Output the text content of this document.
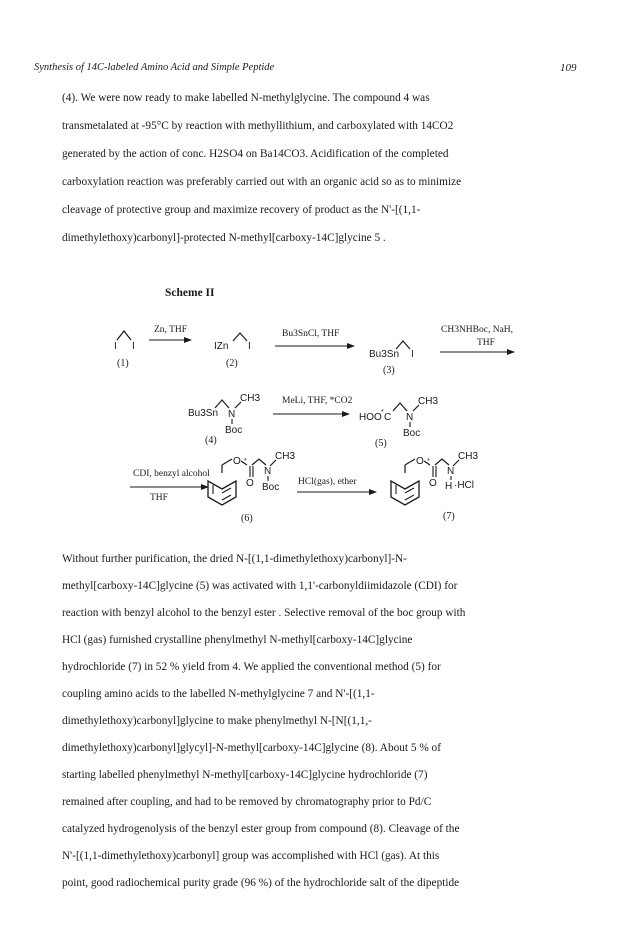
Synthesis of 14C-labeled Amino Acid and Simple Peptide	109
(4). We were now ready to make labelled N-methylglycine. The compound 4 was
transmetalated at -95°C by reaction with methyllithium, and carboxylated with 14CO2
generated by the action of conc. H2SO4 on Ba14CO3. Acidification of the completed
carboxylation reaction was preferably carried out with an organic acid so as to minimize
cleavage of protective group and maximize recovery of product as the N'-[(1,1-
dimethylethoxy)carbonyl]-protected N-methyl[carboxy-14C]glycine 5 .
Scheme II
I I
(1)
Zn, THF
IZn I
(2)
Bu3SnCl, THF
Bu3Sn I
(3)
CH3NHBoc, NaH,
THF
Bu3Sn N
CH3
Boc
(4)
MeLi, THF, *CO2
HOO * C N
CH3
Boc
(5)
CDI, benzyl alcohol
THF
O *
O
N
CH3
Boc
(6)
HCl(gas), ether
O *
O
N
CH3
H ·HCl
(7)
Without further purification, the dried N-[(1,1-dimethylethoxy)carbonyl]-N-
methyl[carboxy-14C]glycine (5) was activated with 1,1'-carbonyldiimidazole (CDI) for
reaction with benzyl alcohol to the benzyl ester . Selective removal of the boc group with
HCl (gas) furnished crystalline phenylmethyl N-methyl[carboxy-14C]glycine
hydrochloride (7) in 52 % yield from 4. We applied the conventional method (5) for
coupling amino acids to the labelled N-methylglycine 7 and N'-[(1,1-
dimethylethoxy)carbonyl]glycine to make phenylmethyl N-[N[(1,1,-
dimethylethoxy)carbonyl]glycyl]-N-methyl[carboxy-14C]glycine (8). About 5 % of
starting labelled phenylmethyl N-methyl[carboxy-14C]glycine hydrochloride (7)
remained after coupling, and had to be removed by chromatography prior to Pd/C
catalyzed hydrogenolysis of the benzyl ester group from compound (8). Cleavage of the
N'-[(1,1-dimethylethoxy)carbonyl] group was accomplished with HCl (gas). At this
point, good radiochemical purity grade (96 %) of the hydrochloride salt of the dipeptide
